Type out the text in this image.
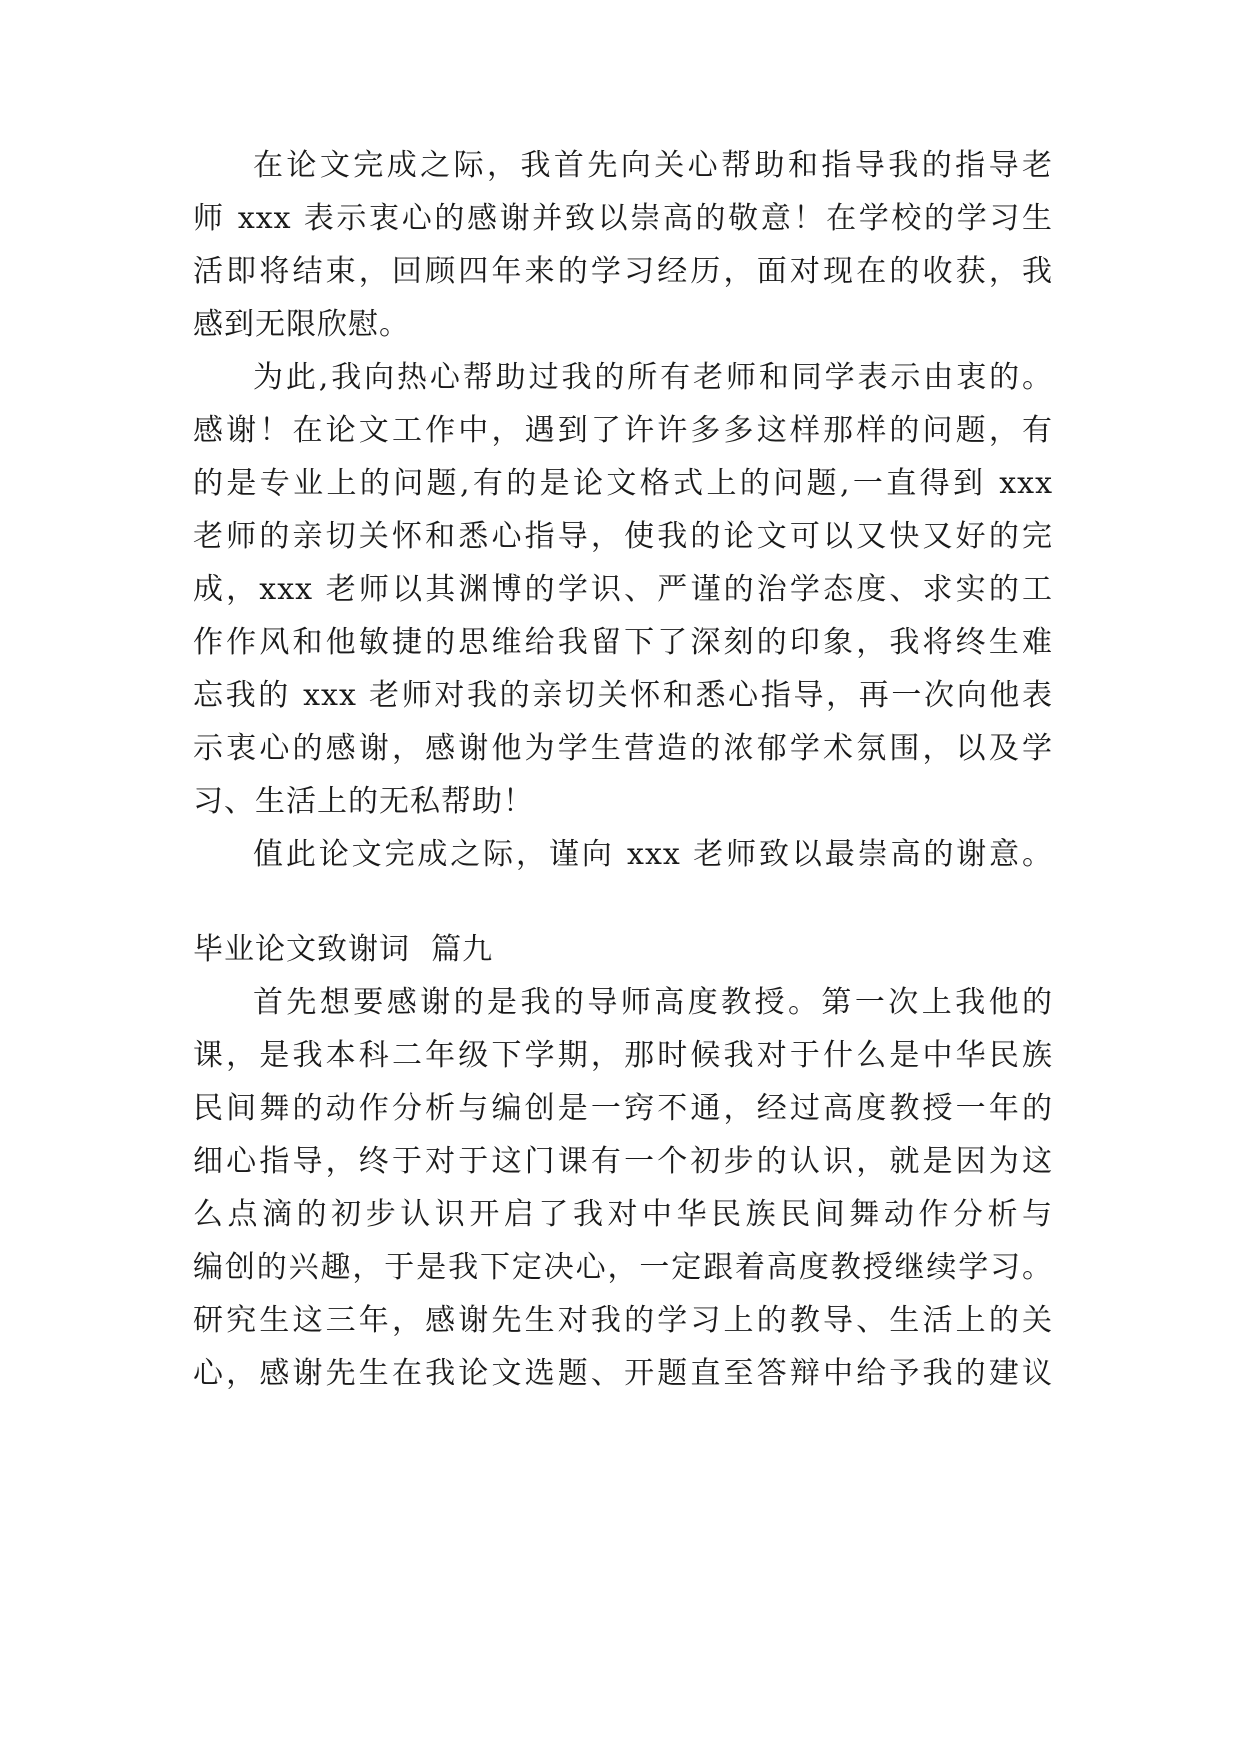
在论文完成之际，我首先向关心帮助和指导我的指导老
师 xxx 表示衷心的感谢并致以崇高的敬意！在学校的学习生
活即将结束，回顾四年来的学习经历，面对现在的收获，我
感到无限欣慰。
为此,我向热心帮助过我的所有老师和同学表示由衷的。
感谢！在论文工作中，遇到了许许多多这样那样的问题，有
的是专业上的问题,有的是论文格式上的问题,一直得到 xxx
老师的亲切关怀和悉心指导，使我的论文可以又快又好的完
成，xxx 老师以其渊博的学识、严谨的治学态度、求实的工
作作风和他敏捷的思维给我留下了深刻的印象，我将终生难
忘我的 xxx 老师对我的亲切关怀和悉心指导，再一次向他表
示衷心的感谢，感谢他为学生营造的浓郁学术氛围，以及学
习、生活上的无私帮助！
值此论文完成之际，谨向 xxx 老师致以最崇高的谢意。
毕业论文致谢词  篇九
首先想要感谢的是我的导师高度教授。第一次上我他的
课，是我本科二年级下学期，那时候我对于什么是中华民族
民间舞的动作分析与编创是一窍不通，经过高度教授一年的
细心指导，终于对于这门课有一个初步的认识，就是因为这
么点滴的初步认识开启了我对中华民族民间舞动作分析与
编创的兴趣，于是我下定决心，一定跟着高度教授继续学习。
研究生这三年，感谢先生对我的学习上的教导、生活上的关
心，感谢先生在我论文选题、开题直至答辩中给予我的建议
